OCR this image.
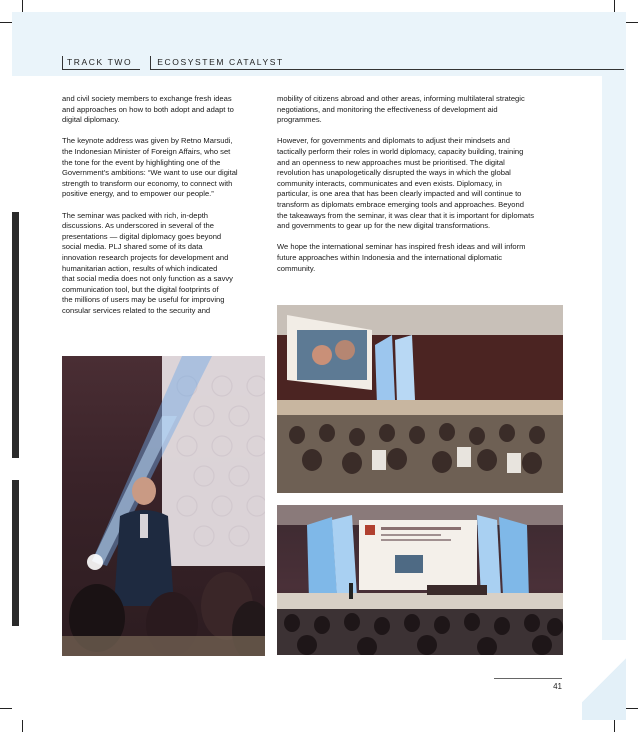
TRACK TWO	ECOSYSTEM CATALYST

and civil society members to exchange fresh ideas
and approaches on how to both adopt and adapt to
digital diplomacy.

The keynote address was given by Retno Marsudi,
the Indonesian Minister of Foreign Affairs, who set
the tone for the event by highlighting one of the
Government's ambitions: “We want to use our digital
strength to transform our economy, to connect with
positive energy, and to empower our people.”

The seminar was packed with rich, in-depth
discussions. As underscored in several of the
presentations — digital diplomacy goes beyond
social media. PLJ shared some of its data
innovation research projects for development and
humanitarian action, results of which indicated
that social media does not only function as a savvy
communication tool, but the digital footprints of
the millions of users may be useful for improving
consular services related to the security and

mobility of citizens abroad and other areas, informing multilateral strategic
negotiations, and monitoring the effectiveness of development aid
programmes.

However, for governments and diplomats to adjust their mindsets and
tactically perform their roles in world diplomacy, capacity building, training
and an openness to new approaches must be prioritised. The digital
revolution has unapologetically disrupted the ways in which the global
community interacts, communicates and even exists. Diplomacy, in
particular, is one area that has been clearly impacted and will continue to
transform as diplomats embrace emerging tools and approaches. Beyond
the takeaways from the seminar, it was clear that it is important for diplomats
and governments to gear up for the new digital transformations.

We hope the international seminar has inspired fresh ideas and will inform
future approaches within Indonesia and the international diplomatic
community.

41
